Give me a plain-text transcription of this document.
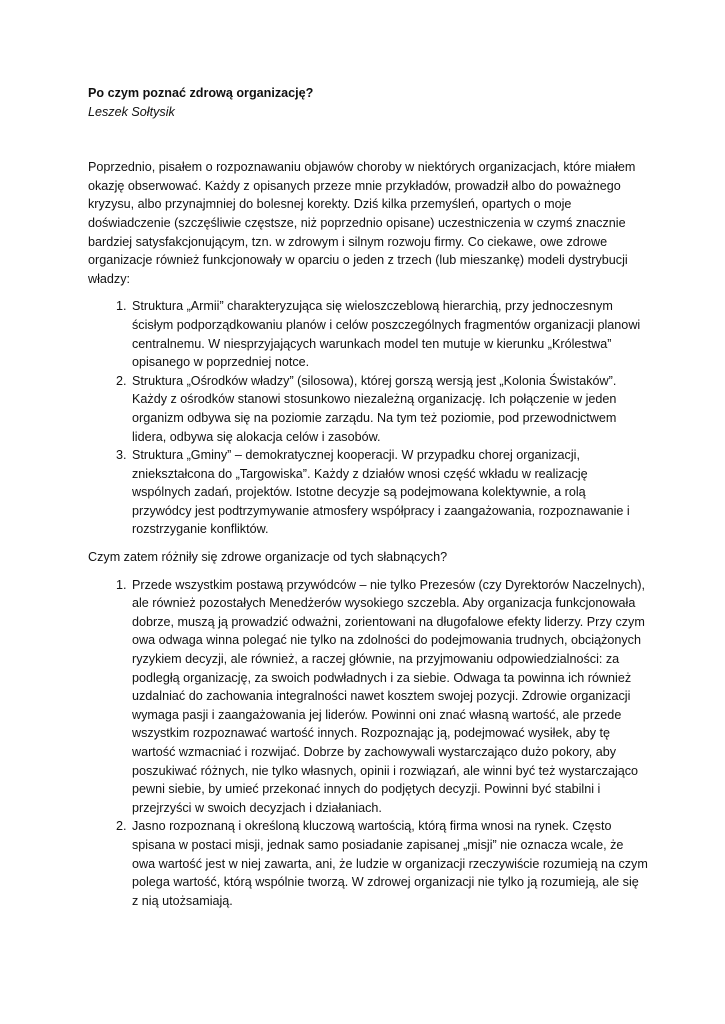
Po czym poznać zdrową organizację?

Leszek Sołtysik

Poprzednio, pisałem o rozpoznawaniu objawów choroby w niektórych organizacjach, które miałem okazję obserwować. Każdy z opisanych przeze mnie przykładów, prowadził albo do poważnego kryzysu, albo przynajmniej do bolesnej korekty. Dziś kilka przemyśleń, opartych o moje doświadczenie (szczęśliwie częstsze, niż poprzednio opisane) uczestniczenia w czymś znacznie bardziej satysfakcjonującym, tzn. w zdrowym i silnym rozwoju firmy. Co ciekawe, owe zdrowe organizacje również funkcjonowały w oparciu o jeden z trzech (lub mieszankę) modeli dystrybucji władzy:

1. Struktura „Armii” charakteryzująca się wieloszczeblową hierarchią, przy jednoczesnym ścisłym podporządkowaniu planów i celów poszczególnych fragmentów organizacji planowi centralnemu. W niesprzyjających warunkach model ten mutuje w kierunku „Królestwa” opisanego w poprzedniej notce.
2. Struktura „Ośrodków władzy” (silosowa), której gorszą wersją jest „Kolonia Świstaków”. Każdy z ośrodków stanowi stosunkowo niezależną organizację. Ich połączenie w jeden organizm odbywa się na poziomie zarządu. Na tym też poziomie, pod przewodnictwem lidera, odbywa się alokacja celów i zasobów.
3. Struktura „Gminy” – demokratycznej kooperacji. W przypadku chorej organizacji, zniekształcona do „Targowiska”. Każdy z działów wnosi część wkładu w realizację wspólnych zadań, projektów. Istotne decyzje są podejmowana kolektywnie, a rolą przywódcy jest podtrzymywanie atmosfery współpracy i zaangażowania, rozpoznawanie i rozstrzyganie konfliktów.

Czym zatem różniły się zdrowe organizacje od tych słabnących?

1. Przede wszystkim postawą przywódców – nie tylko Prezesów (czy Dyrektorów Naczelnych), ale również pozostałych Menedżerów wysokiego szczebla. Aby organizacja funkcjonowała dobrze, muszą ją prowadzić odważni, zorientowani na długofalowe efekty liderzy. Przy czym owa odwaga winna polegać nie tylko na zdolności do podejmowania trudnych, obciążonych ryzykiem decyzji, ale również, a raczej głównie, na przyjmowaniu odpowiedzialności: za podległą organizację, za swoich podwładnych i za siebie. Odwaga ta powinna ich również uzdalniać do zachowania integralności nawet kosztem swojej pozycji. Zdrowie organizacji wymaga pasji i zaangażowania jej liderów. Powinni oni znać własną wartość, ale przede wszystkim rozpoznawać wartość innych. Rozpoznając ją, podejmować wysiłek, aby tę wartość wzmacniać i rozwijać. Dobrze by zachowywali wystarczająco dużo pokory, aby poszukiwać różnych, nie tylko własnych, opinii i rozwiązań, ale winni być też wystarczająco pewni siebie, by umieć przekonać innych do podjętych decyzji. Powinni być stabilni i przejrzyści w swoich decyzjach i działaniach.
2. Jasno rozpoznaną i określoną kluczową wartością, którą firma wnosi na rynek. Często spisana w postaci misji, jednak samo posiadanie zapisanej „misji” nie oznacza wcale, że owa wartość jest w niej zawarta, ani, że ludzie w organizacji rzeczywiście rozumieją na czym polega wartość, którą wspólnie tworzą. W zdrowej organizacji nie tylko ją rozumieją, ale się z nią utożsamiają.
